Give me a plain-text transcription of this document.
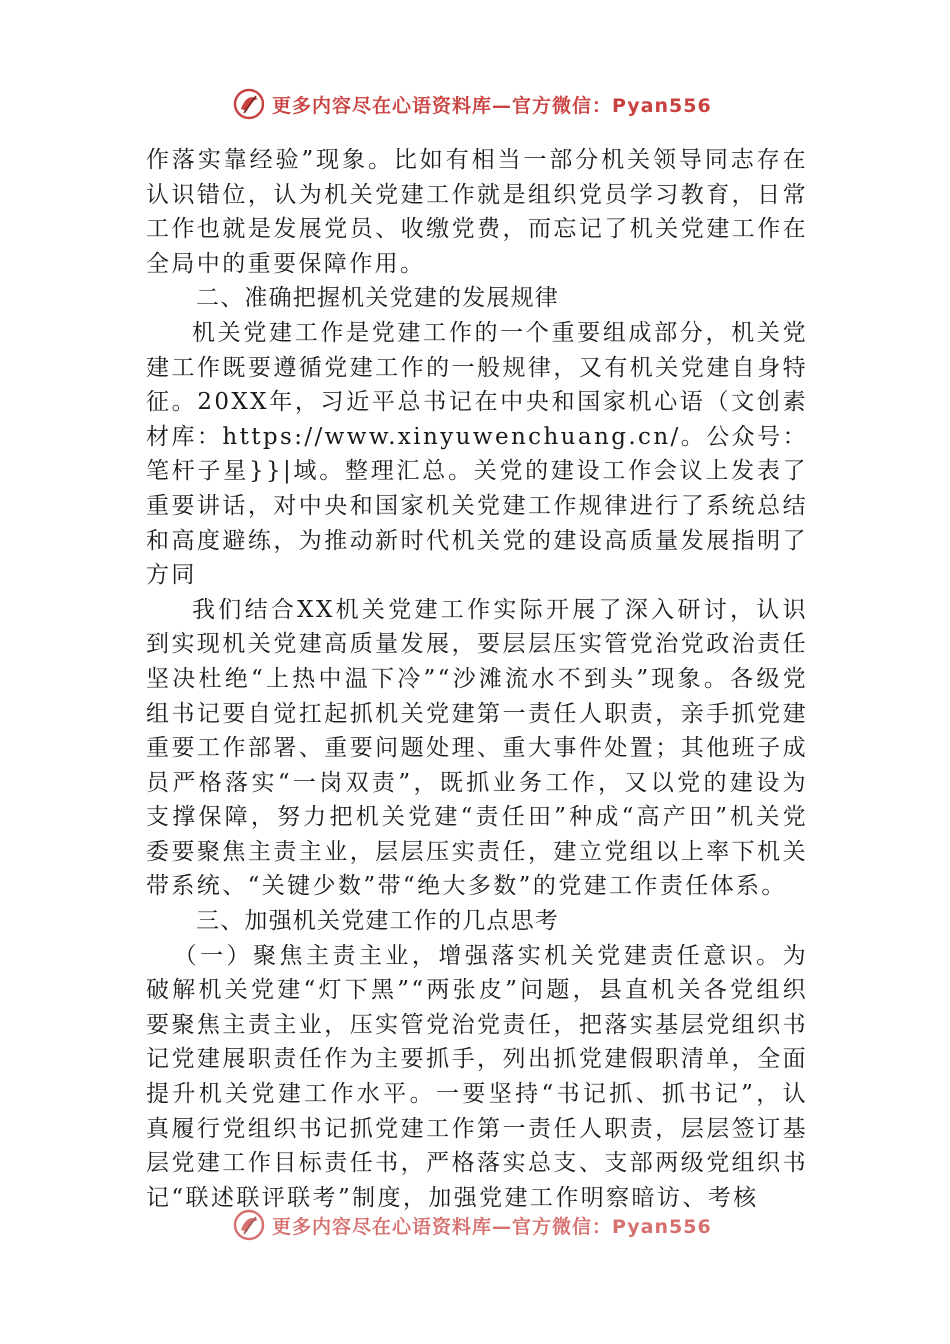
更多内容尽在心语资料库—官方微信：Pyan556

作落实靠经验”现象。比如有相当一部分机关领导同志存在认识错位，认为机关党建工作就是组织党员学习教育，日常工作也就是发展党员、收缴党费，而忘记了机关党建工作在全局中的重要保障作用。

二、准确把握机关党建的发展规律

机关党建工作是党建工作的一个重要组成部分，机关党建工作既要遵循党建工作的一般规律，又有机关党建自身特征。20XX年，习近平总书记在中央和国家机心语（文创素材库：https://www.xinyuwenchuang.cn/。公众号：笔杆子星}}|域。整理汇总。关党的建设工作会议上发表了重要讲话，对中央和国家机关党建工作规律进行了系统总结和高度避练，为推动新时代机关党的建设高质量发展指明了方同

我们结合XX机关党建工作实际开展了深入研讨，认识到实现机关党建高质量发展，要层层压实管党治党政治责任坚决杜绝“上热中温下冷”“沙滩流水不到头”现象。各级党组书记要自觉扛起抓机关党建第一责任人职责，亲手抓党建重要工作部署、重要问题处理、重大事件处置；其他班子成员严格落实“一岗双责”，既抓业务工作，又以党的建设为支撑保障，努力把机关党建“责任田”种成“高产田”机关党委要聚焦主责主业，层层压实责任，建立党组以上率下机关带系统、“关键少数”带“绝大多数”的党建工作责任体系。

三、加强机关党建工作的几点思考

（一）聚焦主责主业，增强落实机关党建责任意识。为破解机关党建“灯下黑”“两张皮”问题，县直机关各党组织要聚焦主责主业，压实管党治党责任，把落实基层党组织书记党建展职责任作为主要抓手，列出抓党建假职清单，全面提升机关党建工作水平。一要坚持“书记抓、抓书记”，认真履行党组织书记抓党建工作第一责任人职责，层层签订基层党建工作目标责任书，严格落实总支、支部两级党组织书记“联述联评联考”制度，加强党建工作明察暗访、考核

更多内容尽在心语资料库—官方微信：Pyan556
